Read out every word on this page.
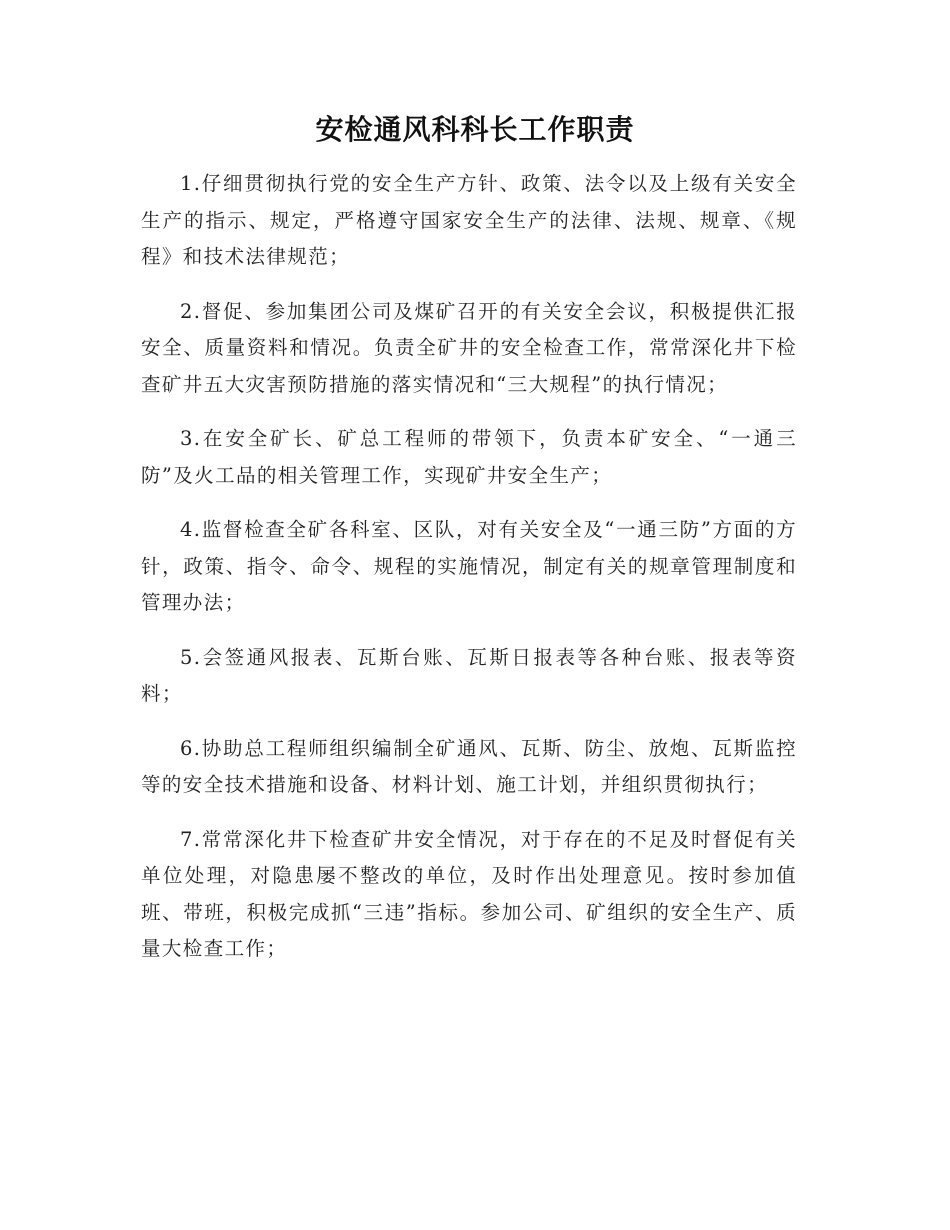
安检通风科科长工作职责

1.仔细贯彻执行党的安全生产方针、政策、法令以及上级有关安全生产的指示、规定，严格遵守国家安全生产的法律、法规、规章、《规程》和技术法律规范；

2.督促、参加集团公司及煤矿召开的有关安全会议，积极提供汇报安全、质量资料和情况。负责全矿井的安全检查工作，常常深化井下检查矿井五大灾害预防措施的落实情况和“三大规程”的执行情况；

3.在安全矿长、矿总工程师的带领下，负责本矿安全、“一通三防”及火工品的相关管理工作，实现矿井安全生产；

4.监督检查全矿各科室、区队，对有关安全及“一通三防”方面的方针，政策、指令、命令、规程的实施情况，制定有关的规章管理制度和管理办法；

5.会签通风报表、瓦斯台账、瓦斯日报表等各种台账、报表等资料；

6.协助总工程师组织编制全矿通风、瓦斯、防尘、放炮、瓦斯监控等的安全技术措施和设备、材料计划、施工计划，并组织贯彻执行；

7.常常深化井下检查矿井安全情况，对于存在的不足及时督促有关单位处理，对隐患屡不整改的单位，及时作出处理意见。按时参加值班、带班，积极完成抓“三违”指标。参加公司、矿组织的安全生产、质量大检查工作；
